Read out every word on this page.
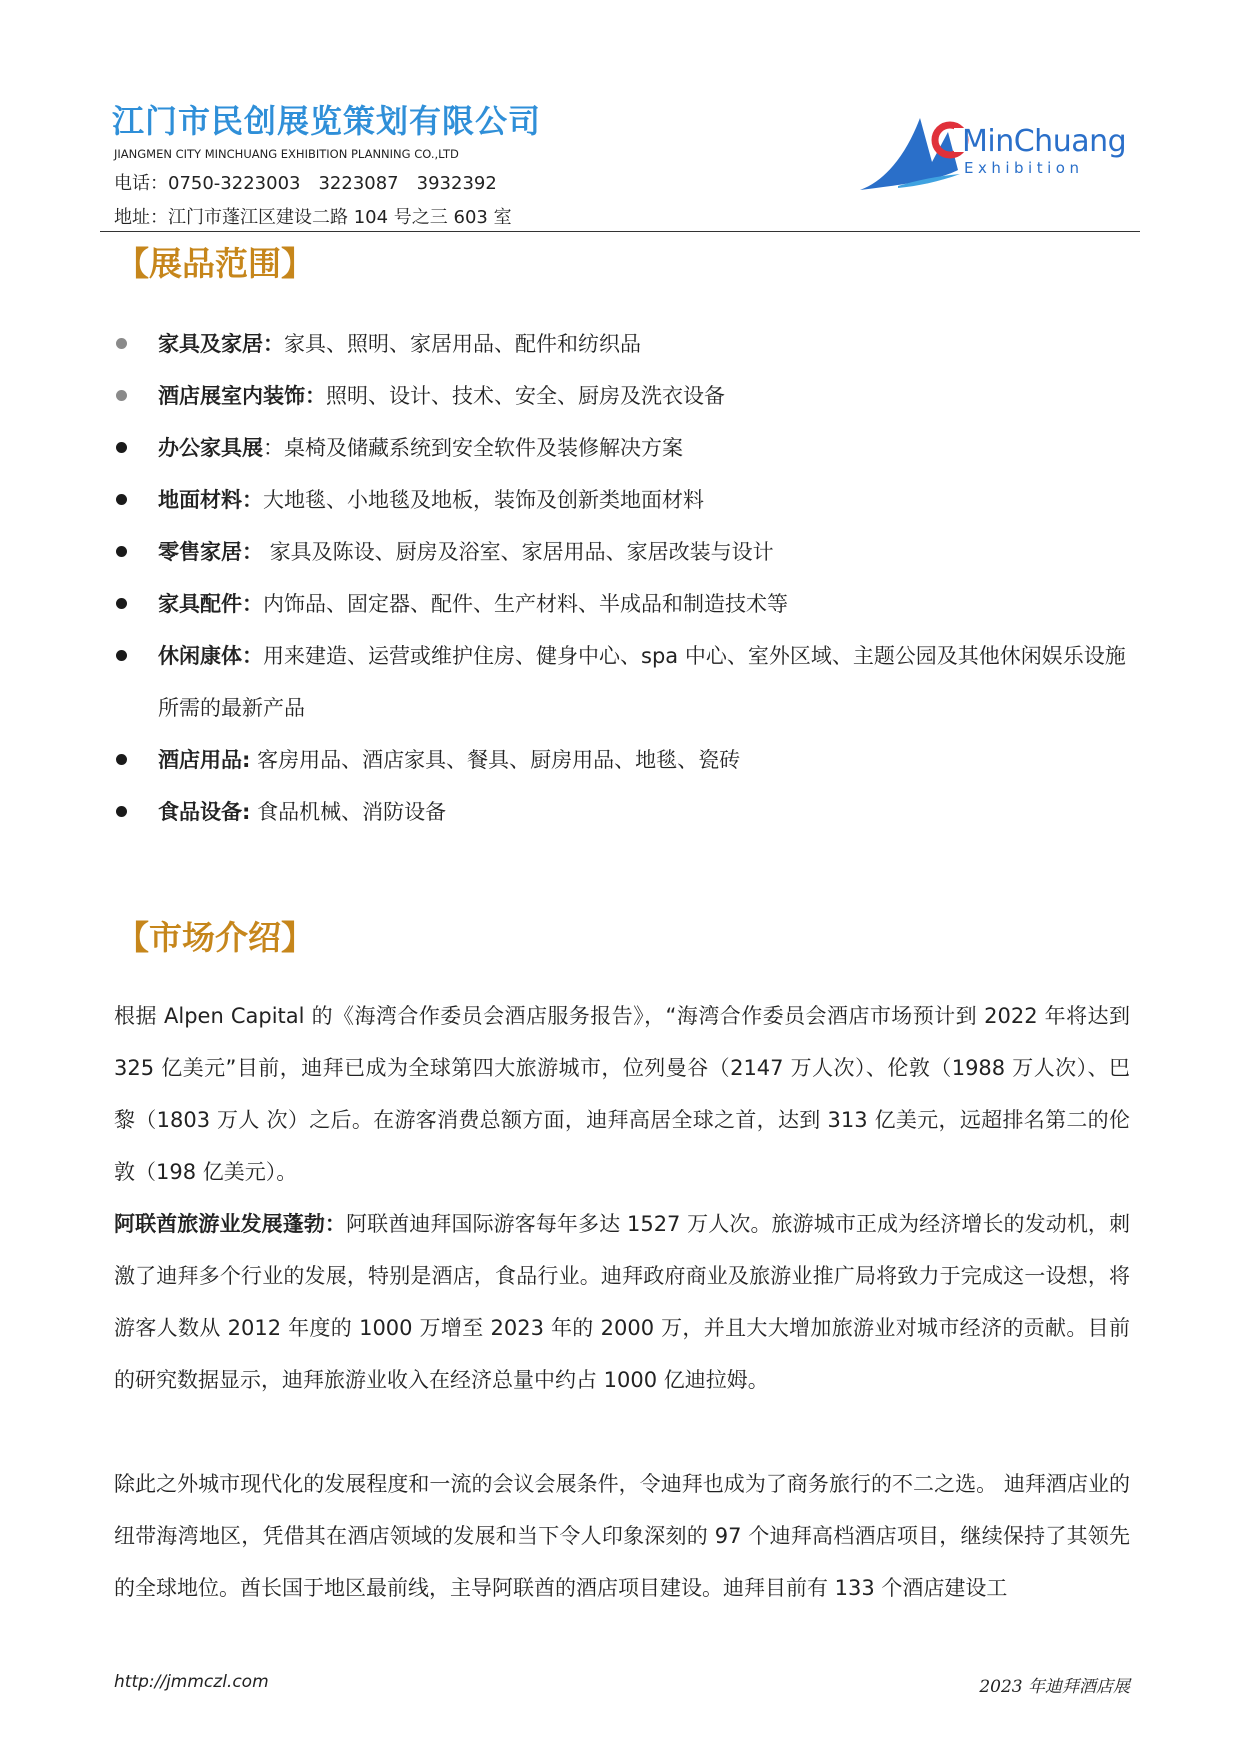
江门市民创展览策划有限公司
JIANGMEN CITY MINCHUANG EXHIBITION PLANNING CO.,LTD
电话：0750-3223003　3223087　3932392
地址：江门市蓬江区建设二路 104 号之三 603 室
MinChuang
Exhibition
【展品范围】
家具及家居：家具、照明、家居用品、配件和纺织品
酒店展室内装饰：照明、设计、技术、安全、厨房及洗衣设备
办公家具展：桌椅及储藏系统到安全软件及装修解决方案
地面材料：大地毯、小地毯及地板，装饰及创新类地面材料
零售家居： 家具及陈设、厨房及浴室、家居用品、家居改装与设计
家具配件：内饰品、固定器、配件、生产材料、半成品和制造技术等
休闲康体：用来建造、运营或维护住房、健身中心、spa 中心、室外区域、主题公园及其他休闲娱乐设施所需的最新产品
酒店用品: 客房用品、酒店家具、餐具、厨房用品、地毯、瓷砖
食品设备: 食品机械、消防设备
【市场介绍】

根据 Alpen Capital 的《海湾合作委员会酒店服务报告》，“海湾合作委员会酒店市场预计到 2022 年将达到 325 亿美元”目前，迪拜已成为全球第四大旅游城市，位列曼谷（2147 万人次）、伦敦（1988 万人次）、巴黎（1803 万人 次）之后。在游客消费总额方面，迪拜高居全球之首，达到 313 亿美元，远超排名第二的伦敦（198 亿美元）。

阿联酋旅游业发展蓬勃：阿联酋迪拜国际游客每年多达 1527 万人次。旅游城市正成为经济增长的发动机，刺激了迪拜多个行业的发展，特别是酒店，食品行业。迪拜政府商业及旅游业推广局将致力于完成这一设想，将游客人数从 2012 年度的 1000 万增至 2023 年的 2000 万，并且大大增加旅游业对城市经济的贡献。目前的研究数据显示，迪拜旅游业收入在经济总量中约占 1000 亿迪拉姆。

除此之外城市现代化的发展程度和一流的会议会展条件，令迪拜也成为了商务旅行的不二之选。 迪拜酒店业的纽带海湾地区，凭借其在酒店领域的发展和当下令人印象深刻的 97 个迪拜高档酒店项目，继续保持了其领先的全球地位。酋长国于地区最前线，主导阿联酋的酒店项目建设。迪拜目前有 133 个酒店建设工

http://jmmczl.com	2023 年迪拜酒店展
